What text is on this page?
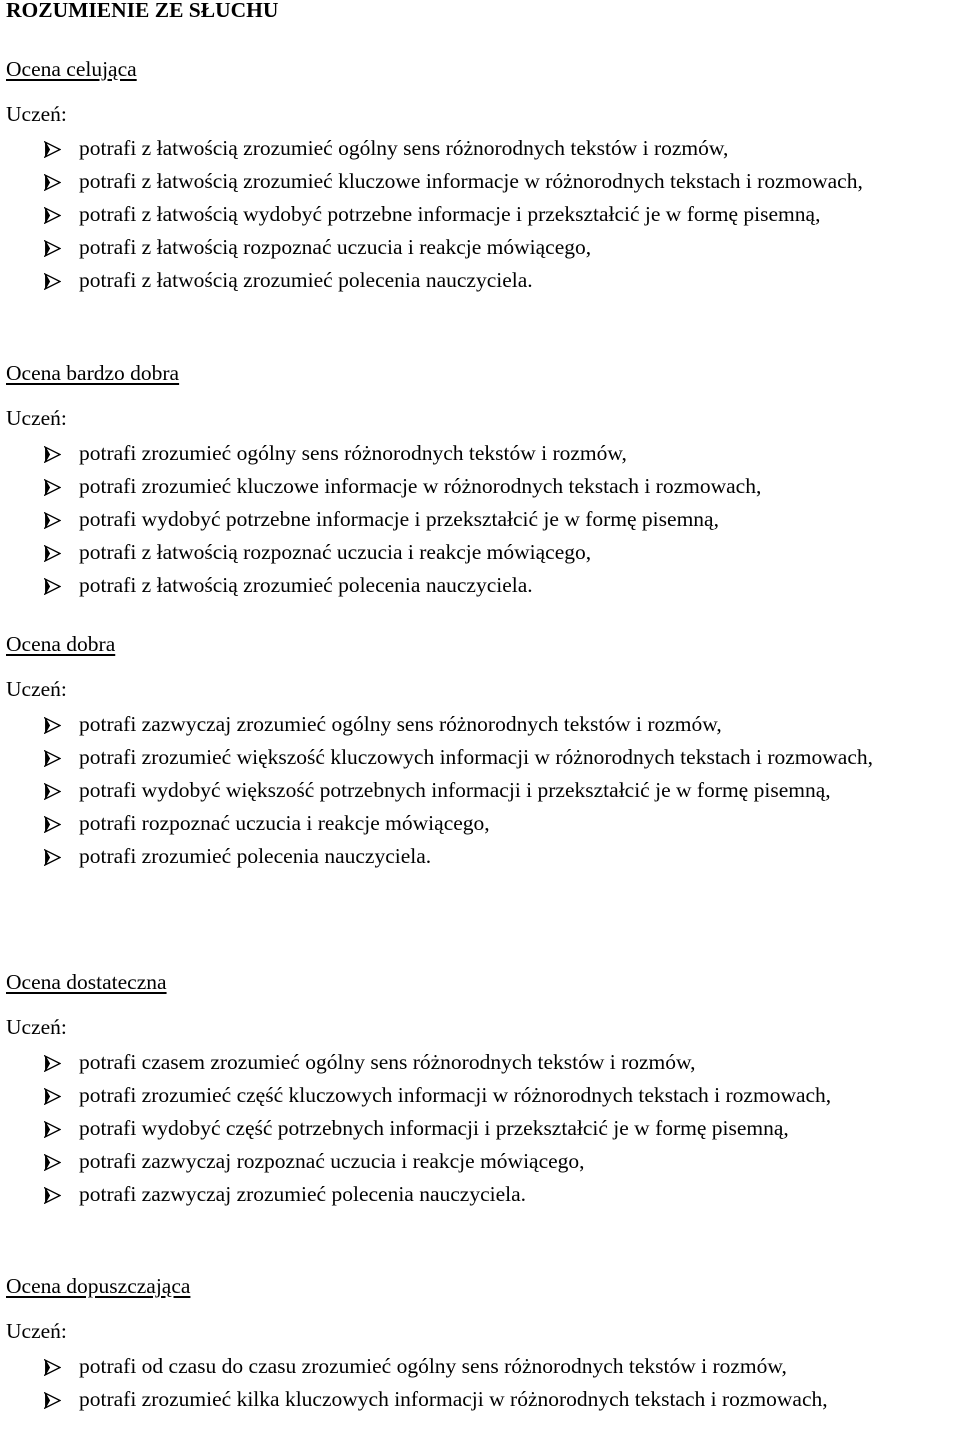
ROZUMIENIE ZE SŁUCHU
Ocena celująca
Uczeń:
potrafi z łatwością zrozumieć ogólny sens różnorodnych tekstów i rozmów,
potrafi z łatwością zrozumieć kluczowe informacje w różnorodnych tekstach i rozmowach,
potrafi z łatwością wydobyć potrzebne informacje i przekształcić je w formę pisemną,
potrafi z łatwością rozpoznać uczucia i reakcje mówiącego,
potrafi z łatwością zrozumieć polecenia nauczyciela.
Ocena bardzo dobra
Uczeń:
potrafi zrozumieć ogólny sens różnorodnych tekstów i rozmów,
potrafi zrozumieć kluczowe informacje w różnorodnych tekstach i rozmowach,
potrafi wydobyć potrzebne informacje i przekształcić je w formę pisemną,
potrafi z łatwością rozpoznać uczucia i reakcje mówiącego,
potrafi z łatwością zrozumieć polecenia nauczyciela.
Ocena dobra
Uczeń:
potrafi zazwyczaj zrozumieć ogólny sens różnorodnych tekstów i rozmów,
potrafi zrozumieć większość kluczowych informacji w różnorodnych tekstach i rozmowach,
potrafi wydobyć większość potrzebnych informacji i przekształcić je w formę pisemną,
potrafi rozpoznać uczucia i reakcje mówiącego,
potrafi zrozumieć polecenia nauczyciela.
Ocena dostateczna
Uczeń:
potrafi czasem zrozumieć ogólny sens różnorodnych tekstów i rozmów,
potrafi zrozumieć część kluczowych informacji w różnorodnych tekstach i rozmowach,
potrafi wydobyć część potrzebnych informacji i przekształcić je w formę pisemną,
potrafi zazwyczaj rozpoznać uczucia i reakcje mówiącego,
potrafi zazwyczaj zrozumieć polecenia nauczyciela.
Ocena dopuszczająca
Uczeń:
potrafi od czasu do czasu zrozumieć ogólny sens różnorodnych tekstów i rozmów,
potrafi zrozumieć kilka kluczowych informacji w różnorodnych tekstach i rozmowach,
